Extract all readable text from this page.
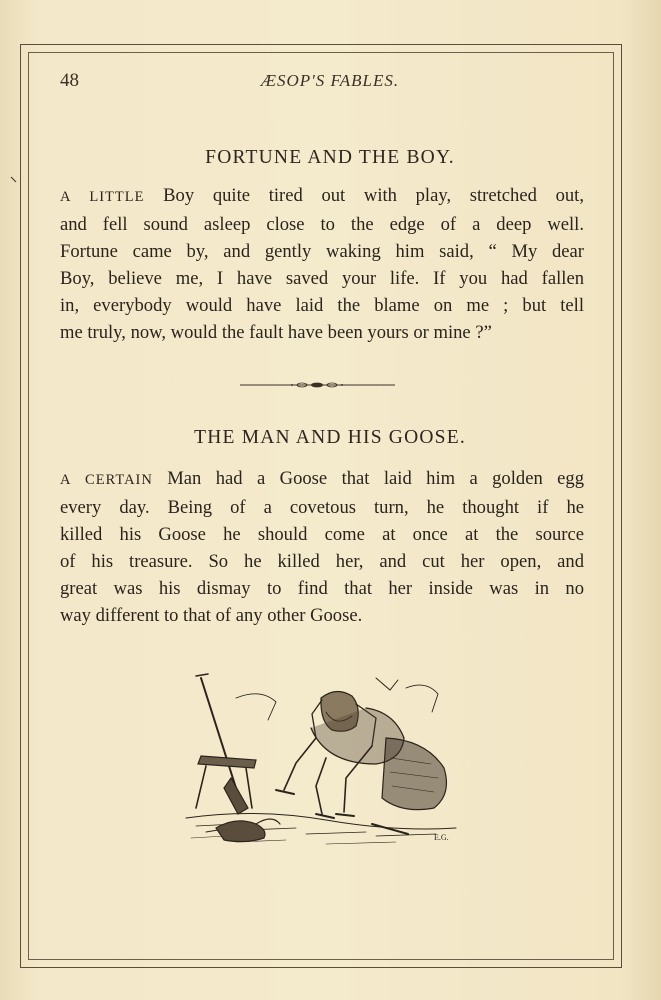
48	ÆSOP'S FABLES.
FORTUNE AND THE BOY.
A LITTLE Boy quite tired out with play, stretched out,
and fell sound asleep close to the edge of a deep well.
Fortune came by, and gently waking him said, “ My dear
Boy, believe me, I have saved your life. If you had fallen
in, everybody would have laid the blame on me ; but tell
me truly, now, would the fault have been yours or mine ?”
THE MAN AND HIS GOOSE.
A CERTAIN Man had a Goose that laid him a golden egg
every day. Being of a covetous turn, he thought if he
killed his Goose he should come at once at the source
of his treasure. So he killed her, and cut her open, and
great was his dismay to find that her inside was in no
way different to that of any other Goose.
E.G.
